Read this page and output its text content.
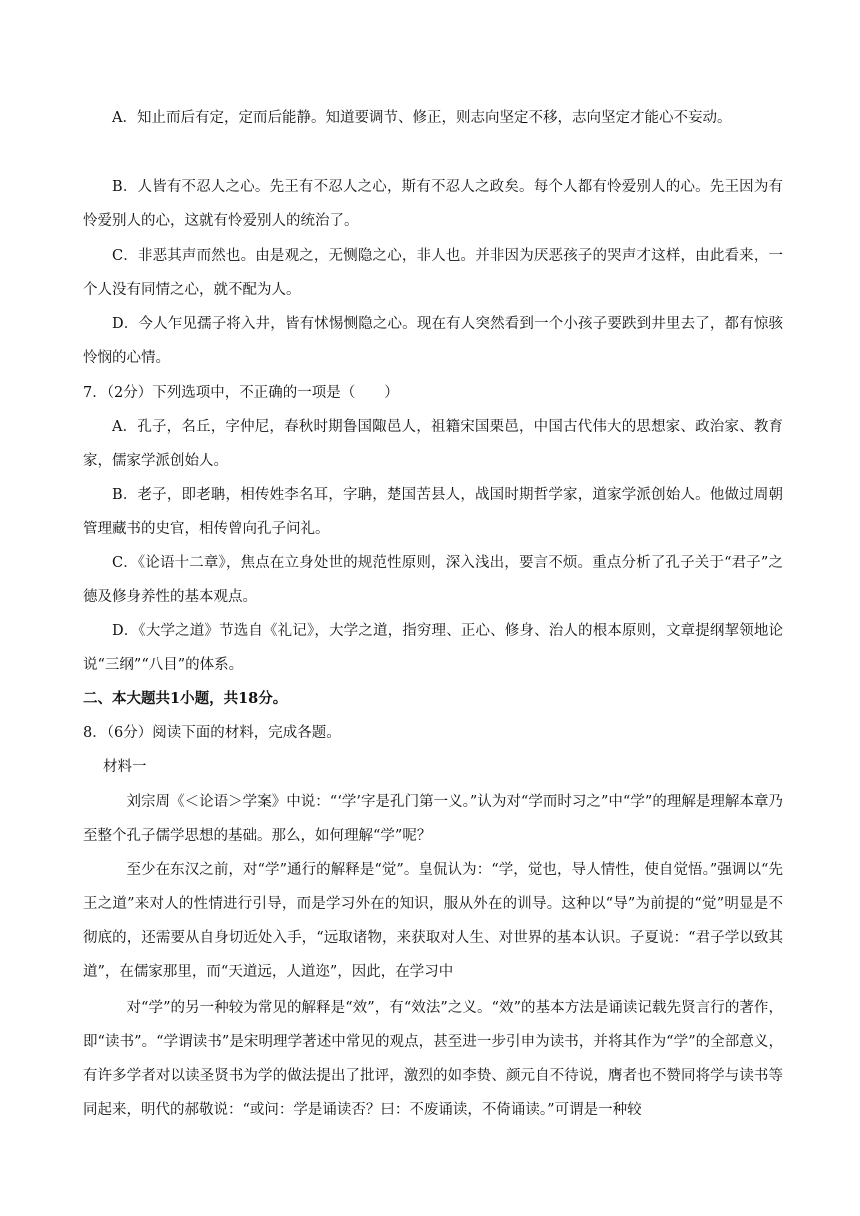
A．知止而后有定，定而后能静。知道要调节、修正，则志向坚定不移，志向坚定才能心不妄动。

B．人皆有不忍人之心。先王有不忍人之心，斯有不忍人之政矣。每个人都有怜爱别人的心。先王因为有怜爱别人的心，这就有怜爱别人的统治了。

C．非恶其声而然也。由是观之，无恻隐之心，非人也。并非因为厌恶孩子的哭声才这样，由此看来，一个人没有同情之心，就不配为人。

D．今人乍见孺子将入井，皆有怵惕恻隐之心。现在有人突然看到一个小孩子要跌到井里去了，都有惊骇怜悯的心情。

7．（2分）下列选项中，不正确的一项是（　　）

A．孔子，名丘，字仲尼，春秋时期鲁国陬邑人，祖籍宋国栗邑，中国古代伟大的思想家、政治家、教育家，儒家学派创始人。

B．老子，即老聃，相传姓李名耳，字聃，楚国苦县人，战国时期哲学家，道家学派创始人。他做过周朝管理藏书的史官，相传曾向孔子问礼。

C．《论语十二章》，焦点在立身处世的规范性原则，深入浅出，要言不烦。重点分析了孔子关于“君子”之德及修身养性的基本观点。

D．《大学之道》节选自《礼记》，大学之道，指穷理、正心、修身、治人的根本原则，文章提纲挈领地论说“三纲”“八目”的体系。

二、本大题共1小题，共18分。

8．（6分）阅读下面的材料，完成各题。

材料一

刘宗周《＜论语＞学案》中说：“‘学’字是孔门第一义。”认为对“学而时习之”中“学”的理解是理解本章乃至整个孔子儒学思想的基础。那么，如何理解“学”呢？

至少在东汉之前，对“学”通行的解释是“觉”。皇侃认为：“学，觉也，导人情性，使自觉悟。”强调以“先王之道”来对人的性情进行引导，而是学习外在的知识，服从外在的训导。这种以“导”为前提的“觉”明显是不彻底的，还需要从自身切近处入手，“远取诸物，来获取对人生、对世界的基本认识。子夏说：“君子学以致其道”，在儒家那里，而“天道远，人道迩”，因此，在学习中

对“学”的另一种较为常见的解释是“效”，有“效法”之义。“效”的基本方法是诵读记载先贤言行的著作，即“读书”。“学谓读书”是宋明理学著述中常见的观点，甚至进一步引申为读书，并将其作为“学”的全部意义，有许多学者对以读圣贤书为学的做法提出了批评，激烈的如李贽、颜元自不待说，膺者也不赞同将学与读书等同起来，明代的郝敬说：“或问：学是诵读否？曰：不废诵读，不倚诵读。”可谓是一种较
